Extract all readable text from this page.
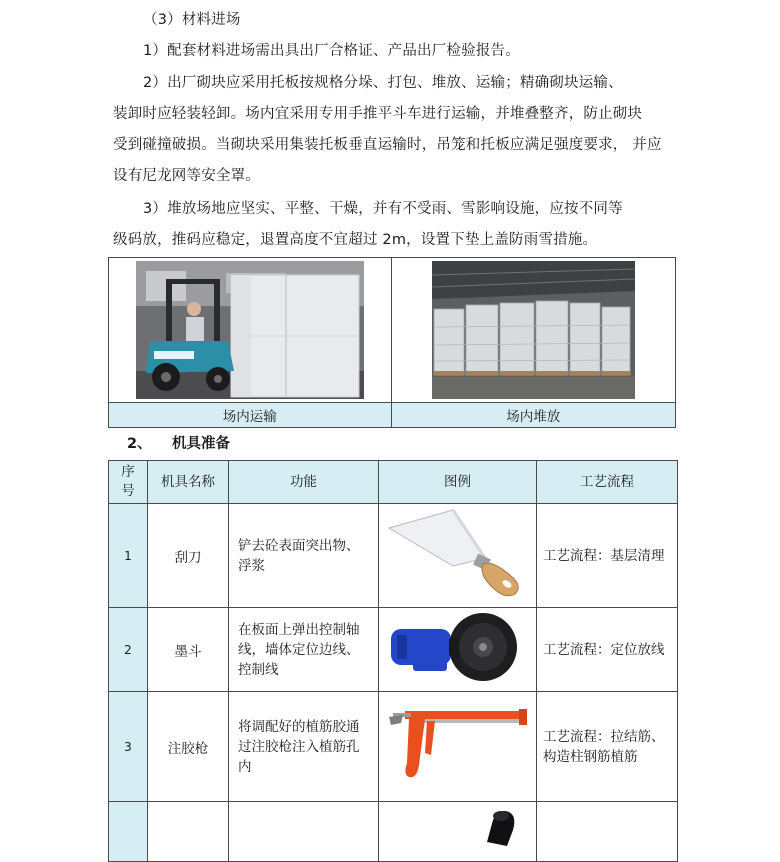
（3）材料进场
1）配套材料进场需出具出厂合格证、产品出厂检验报告。
2）出厂砌块应采用托板按规格分垛、打包、堆放、运输；精确砌块运输、
装卸时应轻装轻卸。场内宜采用专用手推平斗车进行运输，并堆叠整齐，防止砌块
受到碰撞破损。当砌块采用集装托板垂直运输时，吊笼和托板应满足强度要求， 并应
设有尼龙网等安全罩。
3）堆放场地应坚实、平整、干燥，并有不受雨、雪影响设施，应按不同等
级码放，推码应稳定，退置高度不宜超过 2m，设置下垫上盖防雨雪措施。

场内运输	场内堆放
2、 机具准备
序
号	机具名称	功能	图例	工艺流程
1	刮刀	铲去砼表面突出物、浮浆		工艺流程：基层清理
2	墨斗	在板面上弹出控制轴线，墙体定位边线、控制线		工艺流程：定位放线
3	注胶枪	将调配好的植筋胶通过注胶枪注入植筋孔内		工艺流程：拉结筋、构造柱钢筋植筋
